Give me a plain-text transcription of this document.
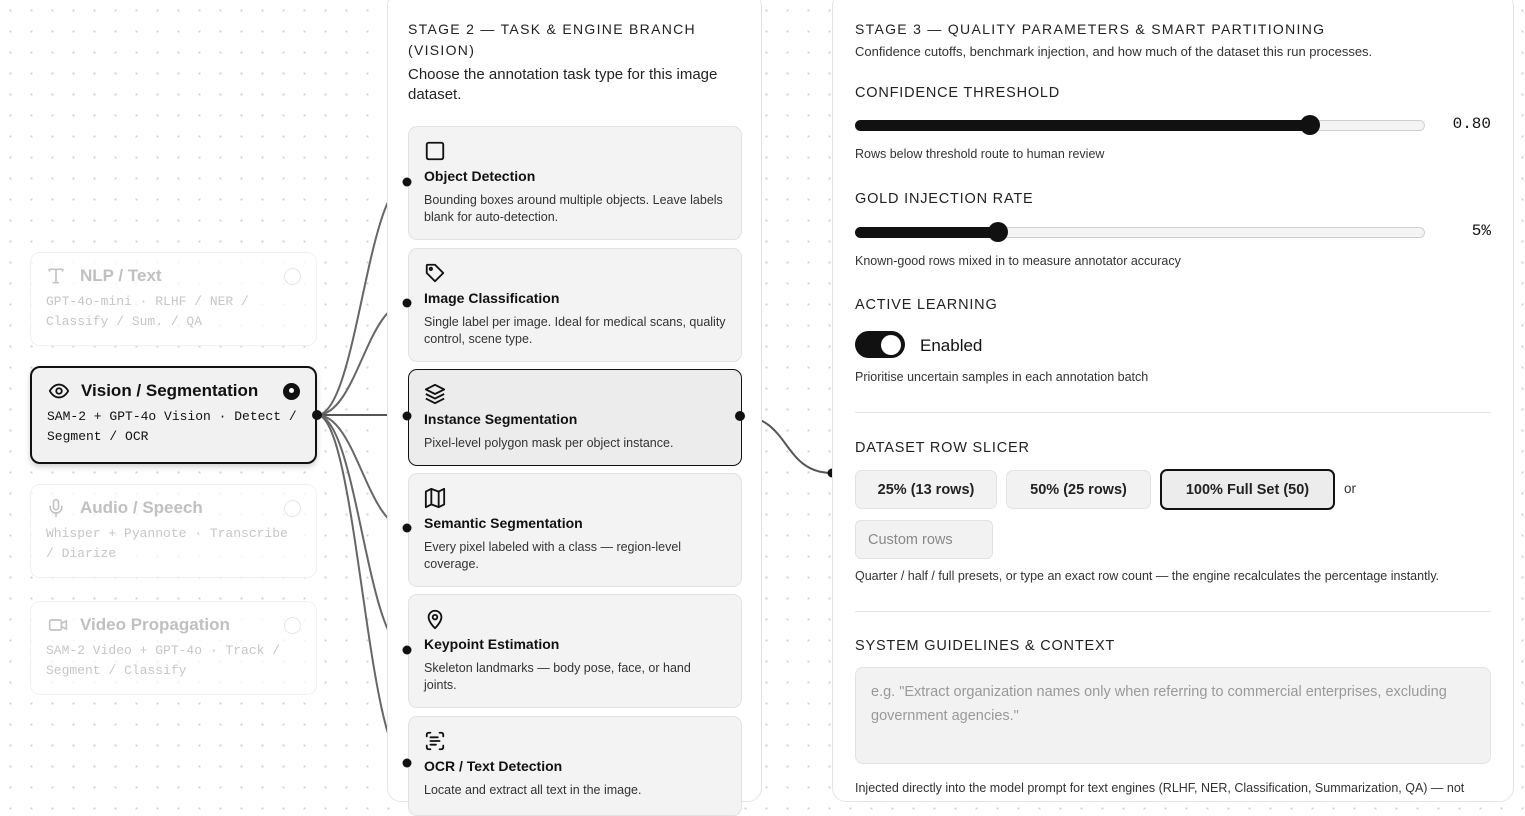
NLP / Text
GPT-4o-mini · RLHF / NER / Classify / Sum. / QA
Vision / Segmentation
SAM-2 + GPT-4o Vision · Detect / Segment / OCR
Audio / Speech
Whisper + Pyannote · Transcribe / Diarize
Video Propagation
SAM-2 Video + GPT-4o · Track / Segment / Classify
STAGE 2 — TASK & ENGINE BRANCH (VISION)
Choose the annotation task type for this image dataset.
Object Detection
Bounding boxes around multiple objects. Leave labels blank for auto-detection.
Image Classification
Single label per image. Ideal for medical scans, quality control, scene type.
Instance Segmentation
Pixel-level polygon mask per object instance.
Semantic Segmentation
Every pixel labeled with a class — region-level coverage.
Keypoint Estimation
Skeleton landmarks — body pose, face, or hand joints.
OCR / Text Detection
Locate and extract all text in the image.
STAGE 3 — QUALITY PARAMETERS & SMART PARTITIONING
Confidence cutoffs, benchmark injection, and how much of the dataset this run processes.
CONFIDENCE THRESHOLD
0.80
Rows below threshold route to human review
GOLD INJECTION RATE
5%
Known-good rows mixed in to measure annotator accuracy
ACTIVE LEARNING
Enabled
Prioritise uncertain samples in each annotation batch
DATASET ROW SLICER
25% (13 rows)	50% (25 rows)	100% Full Set (50)	or
Custom rows
Quarter / half / full presets, or type an exact row count — the engine recalculates the percentage instantly.
SYSTEM GUIDELINES & CONTEXT
e.g. "Extract organization names only when referring to commercial enterprises, excluding government agencies."
Injected directly into the model prompt for text engines (RLHF, NER, Classification, Summarization, QA) — not
